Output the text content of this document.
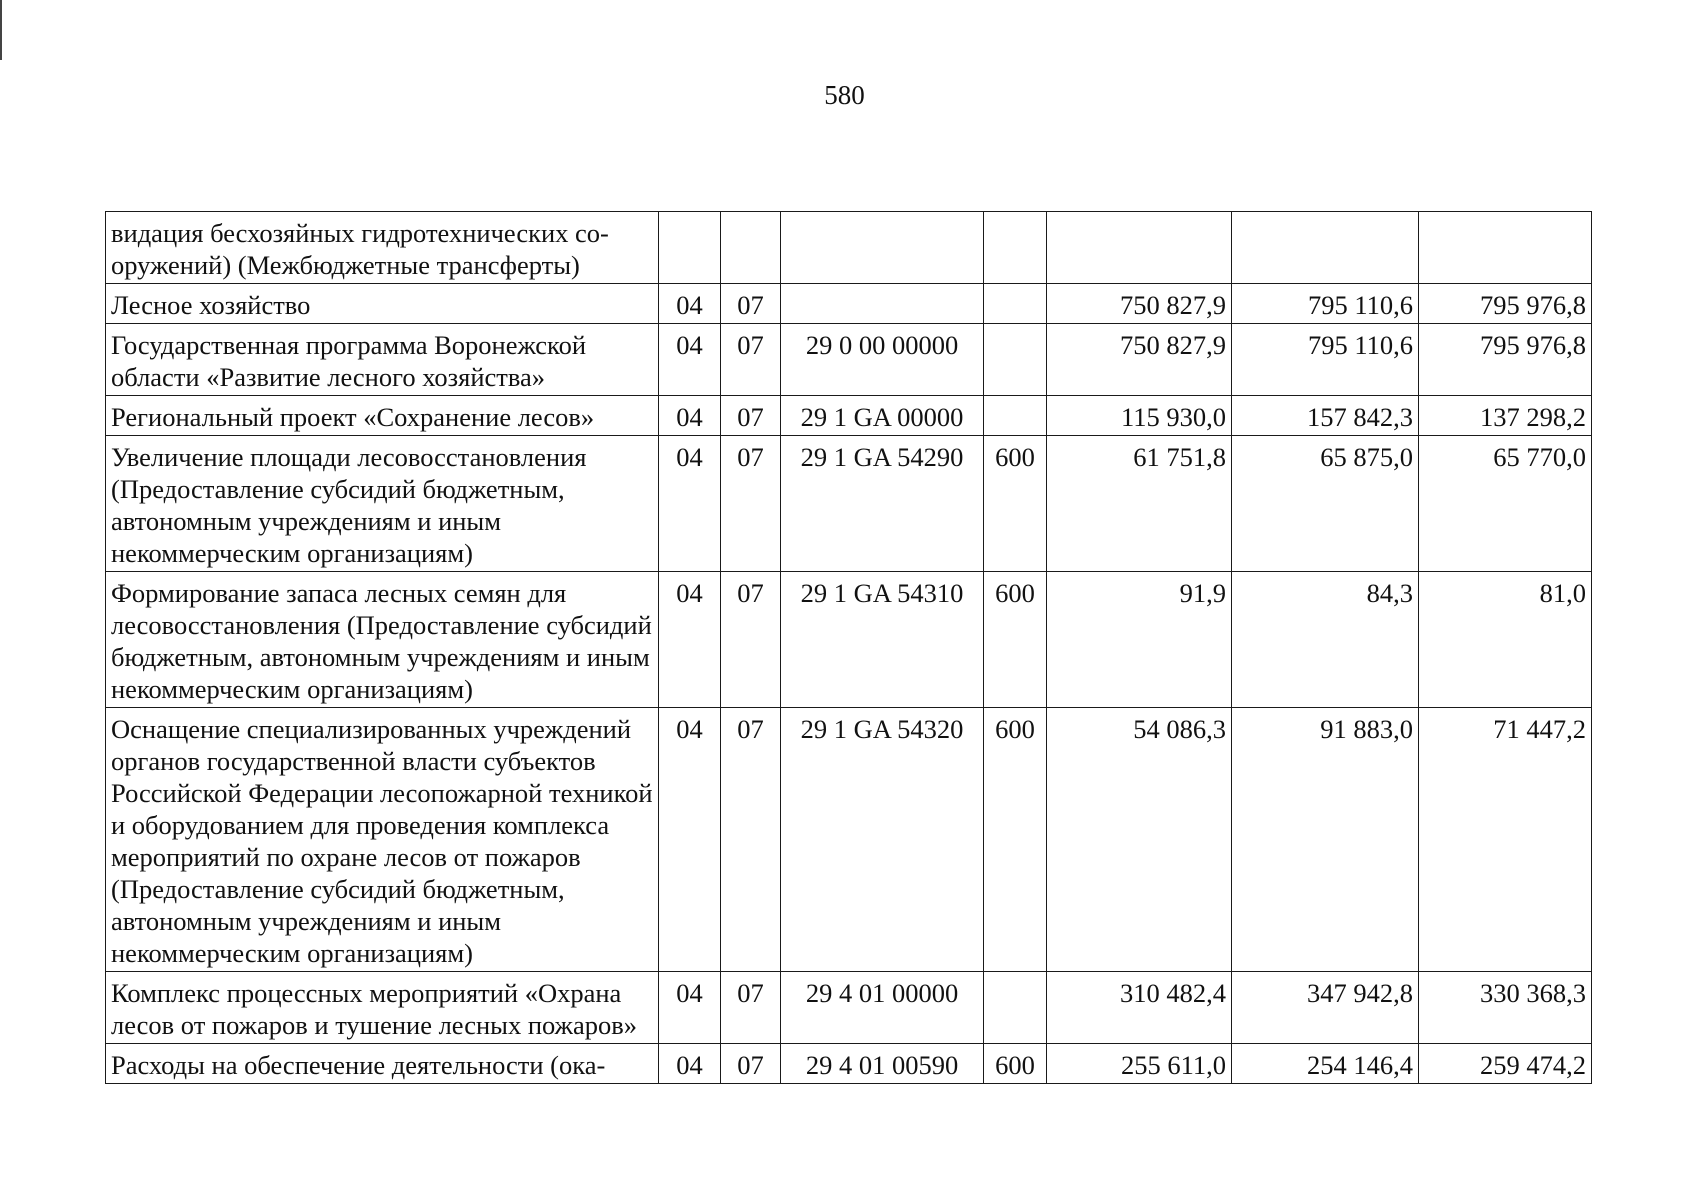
580
видация бесхозяйных гидротехнических со-оружений) (Межбюджетные трансферты)							
Лесное хозяйство	04	07			750 827,9	795 110,6	795 976,8
Государственная программа Воронежской области «Развитие лесного хозяйства»	04	07	29 0 00 00000		750 827,9	795 110,6	795 976,8
Региональный проект «Сохранение лесов»	04	07	29 1 GA 00000		115 930,0	157 842,3	137 298,2
Увеличение площади лесовосстановления (Предоставление субсидий бюджетным, автономным учреждениям и иным некоммерческим организациям)	04	07	29 1 GA 54290	600	61 751,8	65 875,0	65 770,0
Формирование запаса лесных семян для лесовосстановления (Предоставление субсидий бюджетным, автономным учреждениям и иным некоммерческим организациям)	04	07	29 1 GA 54310	600	91,9	84,3	81,0
Оснащение специализированных учреждений органов государственной власти субъектов Российской Федерации лесопожарной техникой и оборудованием для проведения комплекса мероприятий по охране лесов от пожаров (Предоставление субсидий бюджетным, автономным учреждениям и иным некоммерческим организациям)	04	07	29 1 GA 54320	600	54 086,3	91 883,0	71 447,2
Комплекс процессных мероприятий «Охрана лесов от пожаров и тушение лесных пожаров»	04	07	29 4 01 00000		310 482,4	347 942,8	330 368,3
Расходы на обеспечение деятельности (ока-	04	07	29 4 01 00590	600	255 611,0	254 146,4	259 474,2
